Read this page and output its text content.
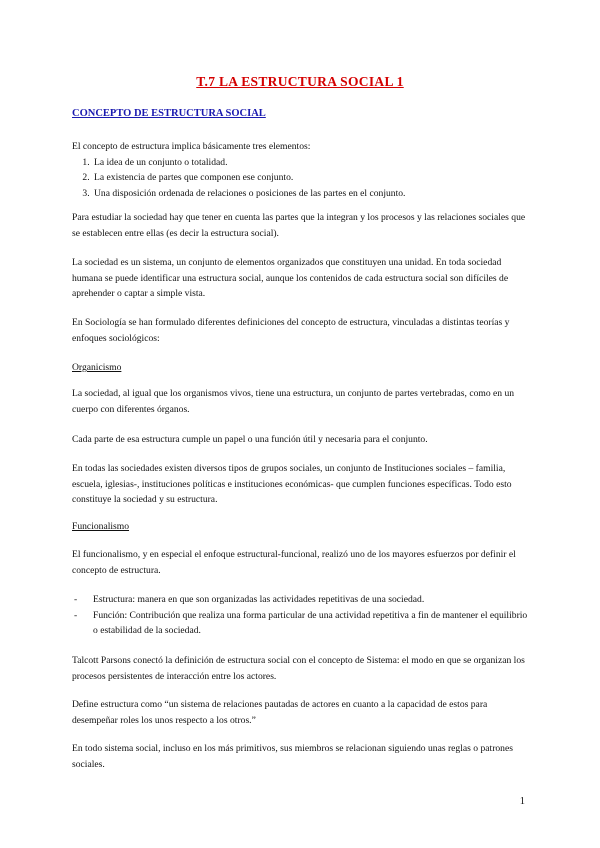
T.7 LA ESTRUCTURA SOCIAL 1
CONCEPTO DE ESTRUCTURA SOCIAL

El concepto de estructura implica básicamente tres elementos:

1. La idea de un conjunto o totalidad.
2. La existencia de partes que componen ese conjunto.
3. Una disposición ordenada de relaciones o posiciones de las partes en el conjunto.

Para estudiar la sociedad hay que tener en cuenta las partes que la integran y los procesos y las relaciones sociales que se establecen entre ellas (es decir la estructura social).

La sociedad es un sistema, un conjunto de elementos organizados que constituyen una unidad. En toda sociedad humana se puede identificar una estructura social, aunque los contenidos de cada estructura social son difíciles de aprehender o captar a simple vista.

En Sociología se han formulado diferentes definiciones del concepto de estructura, vinculadas a distintas teorías y enfoques sociológicos:

Organicismo

La sociedad, al igual que los organismos vivos, tiene una estructura, un conjunto de partes vertebradas, como en un cuerpo con diferentes órganos.

Cada parte de esa estructura cumple un papel o una función útil y necesaria para el conjunto.

En todas las sociedades existen diversos tipos de grupos sociales, un conjunto de Instituciones sociales – familia, escuela, iglesias-, instituciones políticas e instituciones económicas- que cumplen funciones específicas. Todo esto constituye la sociedad y su estructura.

Funcionalismo

El funcionalismo, y en especial el enfoque estructural-funcional, realizó uno de los mayores esfuerzos por definir el concepto de estructura.

- Estructura: manera en que son organizadas las actividades repetitivas de una sociedad.
- Función: Contribución que realiza una forma particular de una actividad repetitiva a fin de mantener el equilibrio o estabilidad de la sociedad.

Talcott Parsons conectó la definición de estructura social con el concepto de Sistema: el modo en que se organizan los procesos persistentes de interacción entre los actores.

Define estructura como “un sistema de relaciones pautadas de actores en cuanto a la capacidad de estos para desempeñar roles los unos respecto a los otros.”

En todo sistema social, incluso en los más primitivos, sus miembros se relacionan siguiendo unas reglas o patrones sociales.

1
